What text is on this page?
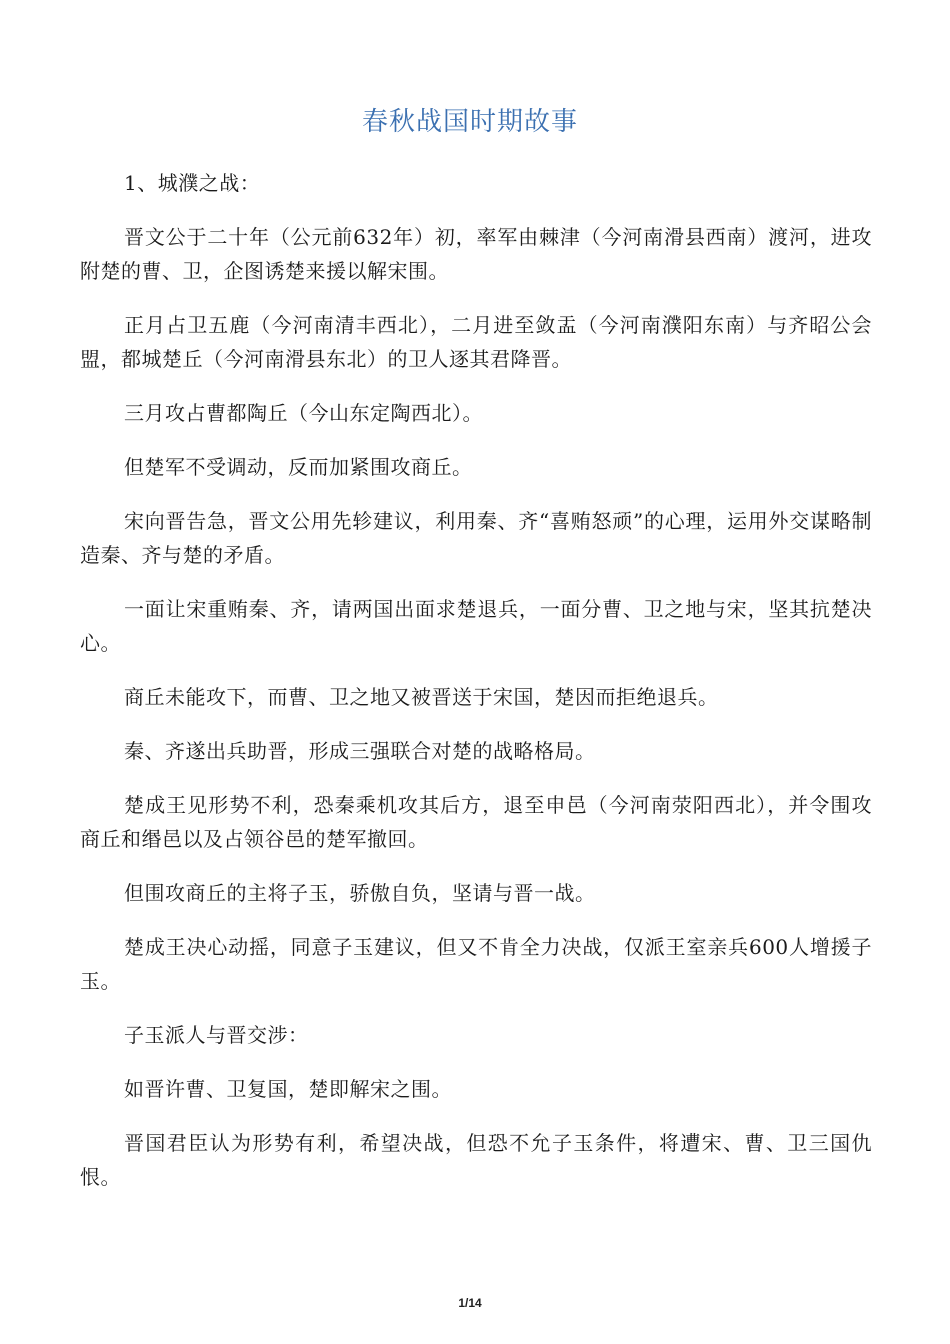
春秋战国时期故事

1、城濮之战：

晋文公于二十年（公元前632年）初，率军由棘津（今河南滑县西南）渡河，进攻附楚的曹、卫，企图诱楚来援以解宋围。

正月占卫五鹿（今河南清丰西北），二月进至敛盂（今河南濮阳东南）与齐昭公会盟，都城楚丘（今河南滑县东北）的卫人逐其君降晋。

三月攻占曹都陶丘（今山东定陶西北）。

但楚军不受调动，反而加紧围攻商丘。

宋向晋告急，晋文公用先轸建议，利用秦、齐“喜贿怒顽”的心理，运用外交谋略制造秦、齐与楚的矛盾。

一面让宋重贿秦、齐，请两国出面求楚退兵，一面分曹、卫之地与宋，坚其抗楚决心。

商丘未能攻下，而曹、卫之地又被晋送于宋国，楚因而拒绝退兵。

秦、齐遂出兵助晋，形成三强联合对楚的战略格局。

楚成王见形势不利，恐秦乘机攻其后方，退至申邑（今河南荥阳西北），并令围攻商丘和缗邑以及占领谷邑的楚军撤回。

但围攻商丘的主将子玉，骄傲自负，坚请与晋一战。

楚成王决心动摇，同意子玉建议，但又不肯全力决战，仅派王室亲兵600人增援子玉。

子玉派人与晋交涉：

如晋许曹、卫复国，楚即解宋之围。

晋国君臣认为形势有利，希望决战，但恐不允子玉条件，将遭宋、曹、卫三国仇恨。

1/14
